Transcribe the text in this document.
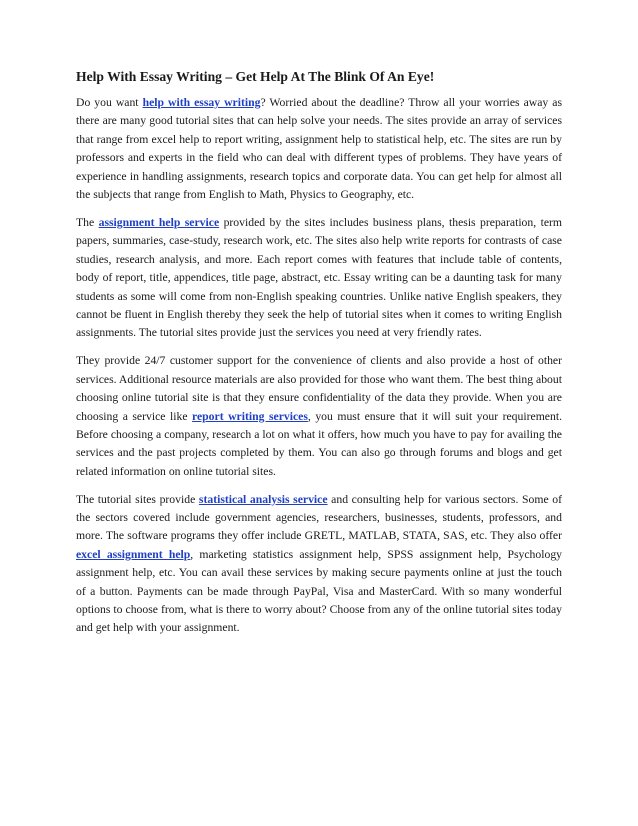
Help With Essay Writing – Get Help At The Blink Of An Eye!

Do you want help with essay writing? Worried about the deadline? Throw all your worries away as there are many good tutorial sites that can help solve your needs. The sites provide an array of services that range from excel help to report writing, assignment help to statistical help, etc. The sites are run by professors and experts in the field who can deal with different types of problems. They have years of experience in handling assignments, research topics and corporate data. You can get help for almost all the subjects that range from English to Math, Physics to Geography, etc.

The assignment help service provided by the sites includes business plans, thesis preparation, term papers, summaries, case-study, research work, etc. The sites also help write reports for contrasts of case studies, research analysis, and more. Each report comes with features that include table of contents, body of report, title, appendices, title page, abstract, etc. Essay writing can be a daunting task for many students as some will come from non-English speaking countries. Unlike native English speakers, they cannot be fluent in English thereby they seek the help of tutorial sites when it comes to writing English assignments. The tutorial sites provide just the services you need at very friendly rates.

They provide 24/7 customer support for the convenience of clients and also provide a host of other services. Additional resource materials are also provided for those who want them. The best thing about choosing online tutorial site is that they ensure confidentiality of the data they provide. When you are choosing a service like report writing services, you must ensure that it will suit your requirement. Before choosing a company, research a lot on what it offers, how much you have to pay for availing the services and the past projects completed by them. You can also go through forums and blogs and get related information on online tutorial sites.

The tutorial sites provide statistical analysis service and consulting help for various sectors. Some of the sectors covered include government agencies, researchers, businesses, students, professors, and more. The software programs they offer include GRETL, MATLAB, STATA, SAS, etc. They also offer excel assignment help, marketing statistics assignment help, SPSS assignment help, Psychology assignment help, etc. You can avail these services by making secure payments online at just the touch of a button. Payments can be made through PayPal, Visa and MasterCard. With so many wonderful options to choose from, what is there to worry about? Choose from any of the online tutorial sites today and get help with your assignment.
